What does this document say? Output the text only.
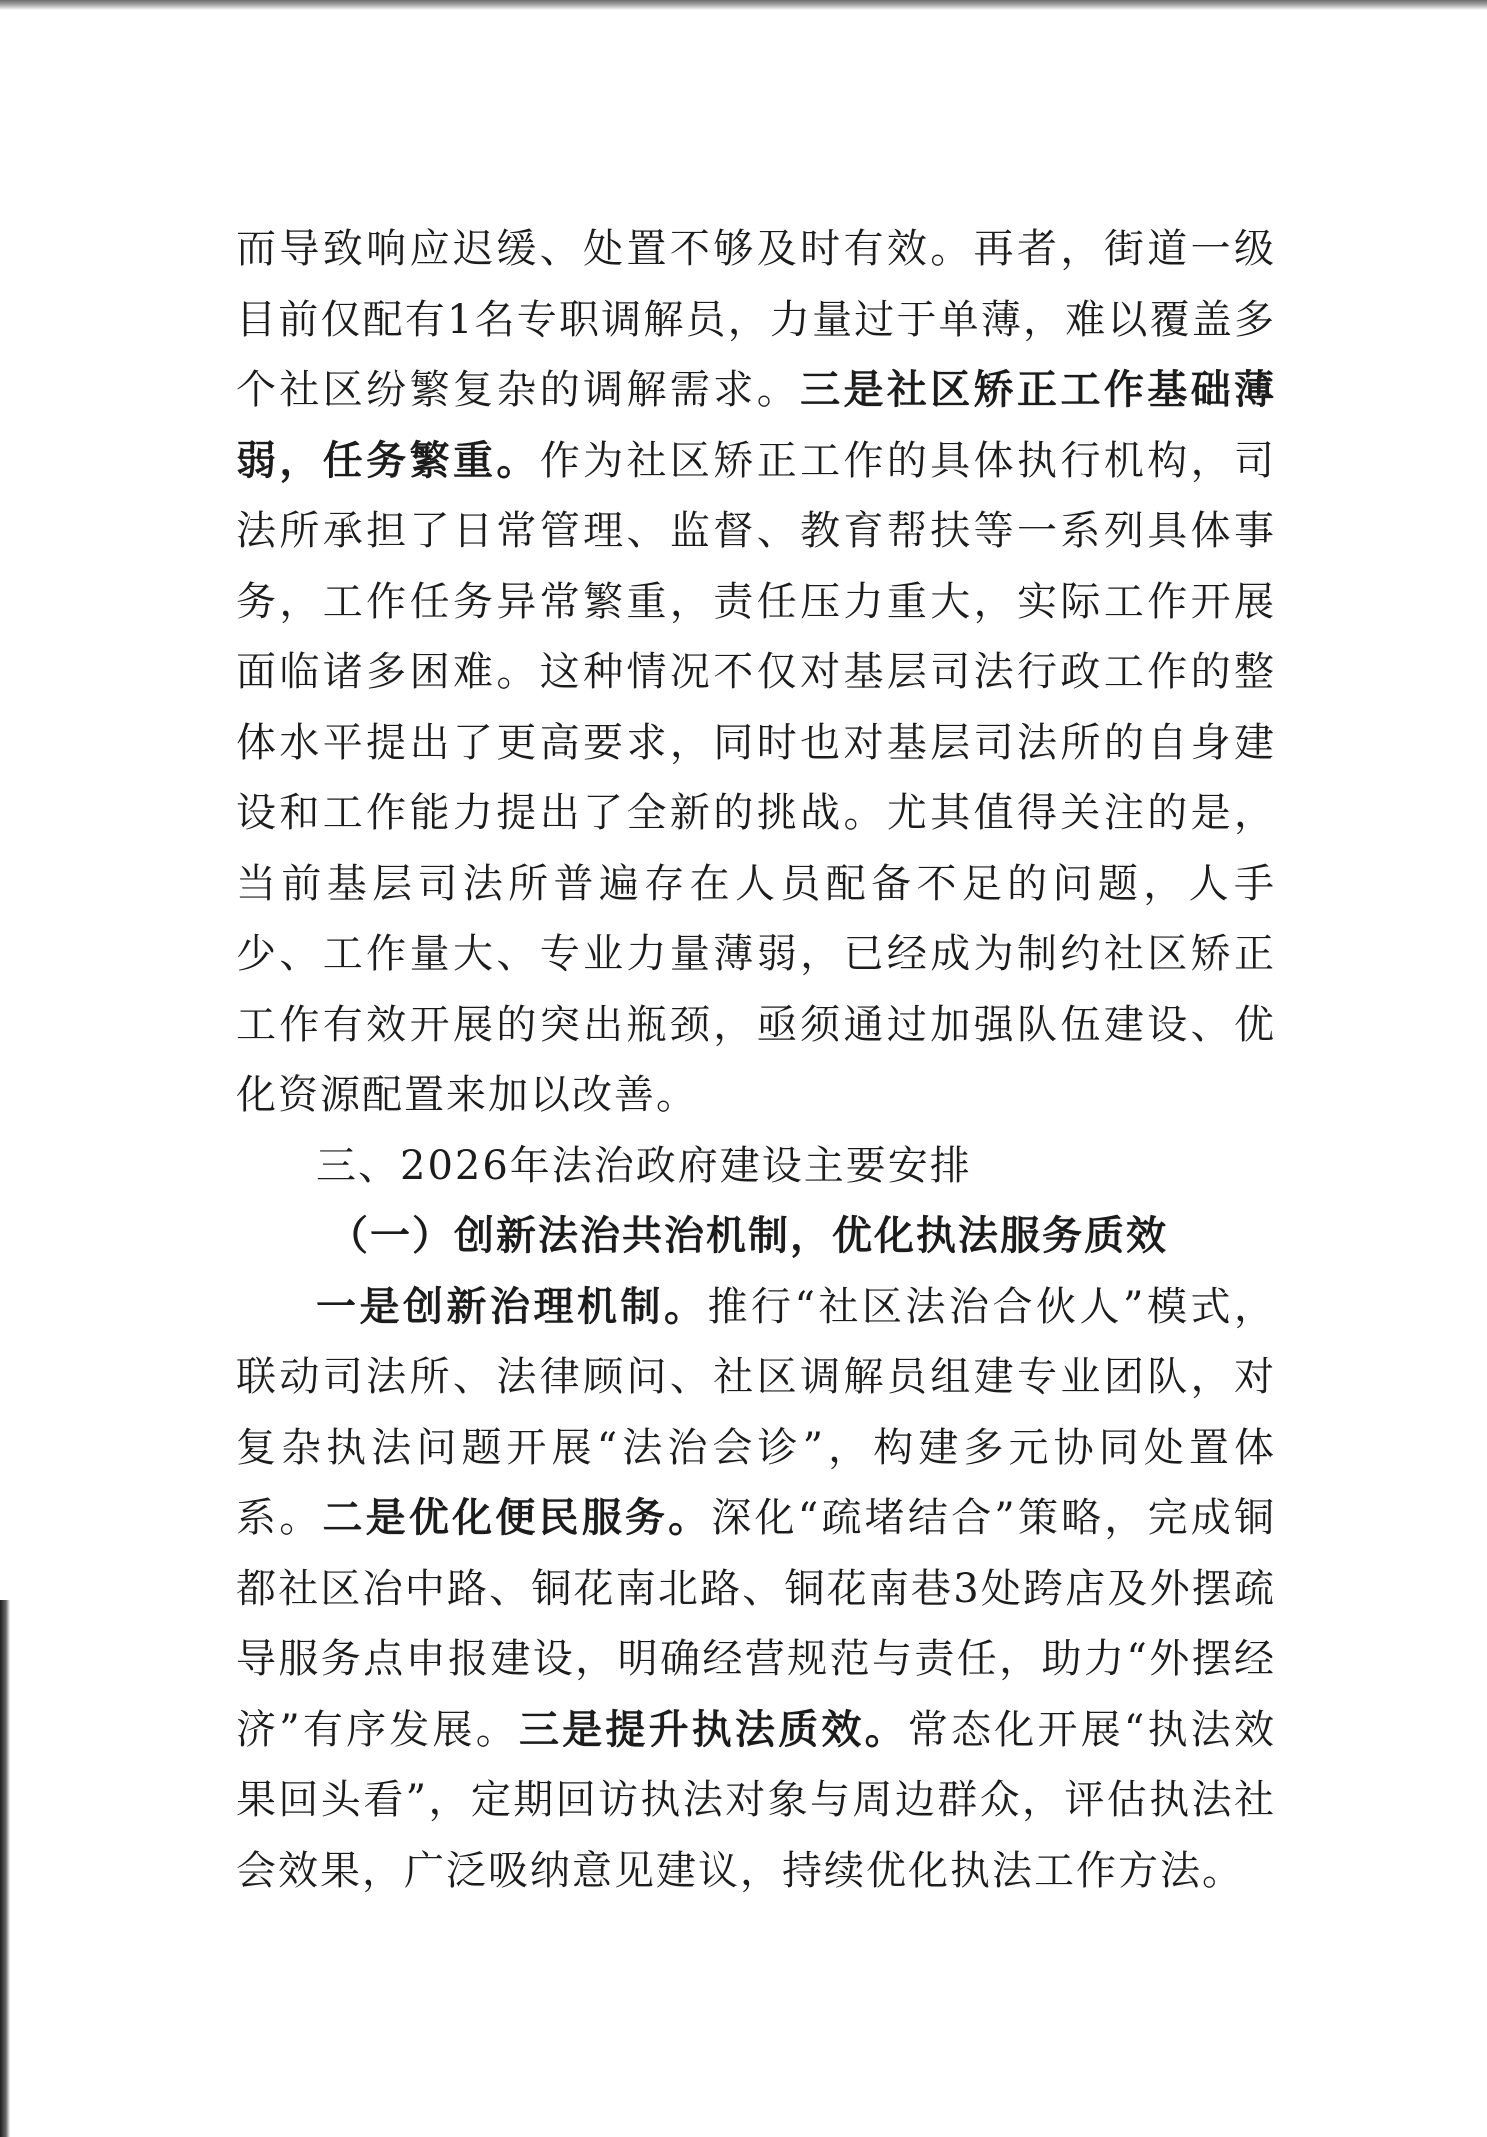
而导致响应迟缓、处置不够及时有效。再者，街道一级目前仅配有1名专职调解员，力量过于单薄，难以覆盖多个社区纷繁复杂的调解需求。三是社区矫正工作基础薄弱，任务繁重。作为社区矫正工作的具体执行机构，司法所承担了日常管理、监督、教育帮扶等一系列具体事务，工作任务异常繁重，责任压力重大，实际工作开展面临诸多困难。这种情况不仅对基层司法行政工作的整体水平提出了更高要求，同时也对基层司法所的自身建设和工作能力提出了全新的挑战。尤其值得关注的是，当前基层司法所普遍存在人员配备不足的问题，人手少、工作量大、专业力量薄弱，已经成为制约社区矫正工作有效开展的突出瓶颈，亟须通过加强队伍建设、优化资源配置来加以改善。

三、2026年法治政府建设主要安排

（一）创新法治共治机制，优化执法服务质效

一是创新治理机制。推行“社区法治合伙人”模式，联动司法所、法律顾问、社区调解员组建专业团队，对复杂执法问题开展“法治会诊”，构建多元协同处置体系。二是优化便民服务。深化“疏堵结合”策略，完成铜都社区冶中路、铜花南北路、铜花南巷3处跨店及外摆疏导服务点申报建设，明确经营规范与责任，助力“外摆经济”有序发展。三是提升执法质效。常态化开展“执法效果回头看”，定期回访执法对象与周边群众，评估执法社会效果，广泛吸纳意见建议，持续优化执法工作方法。
